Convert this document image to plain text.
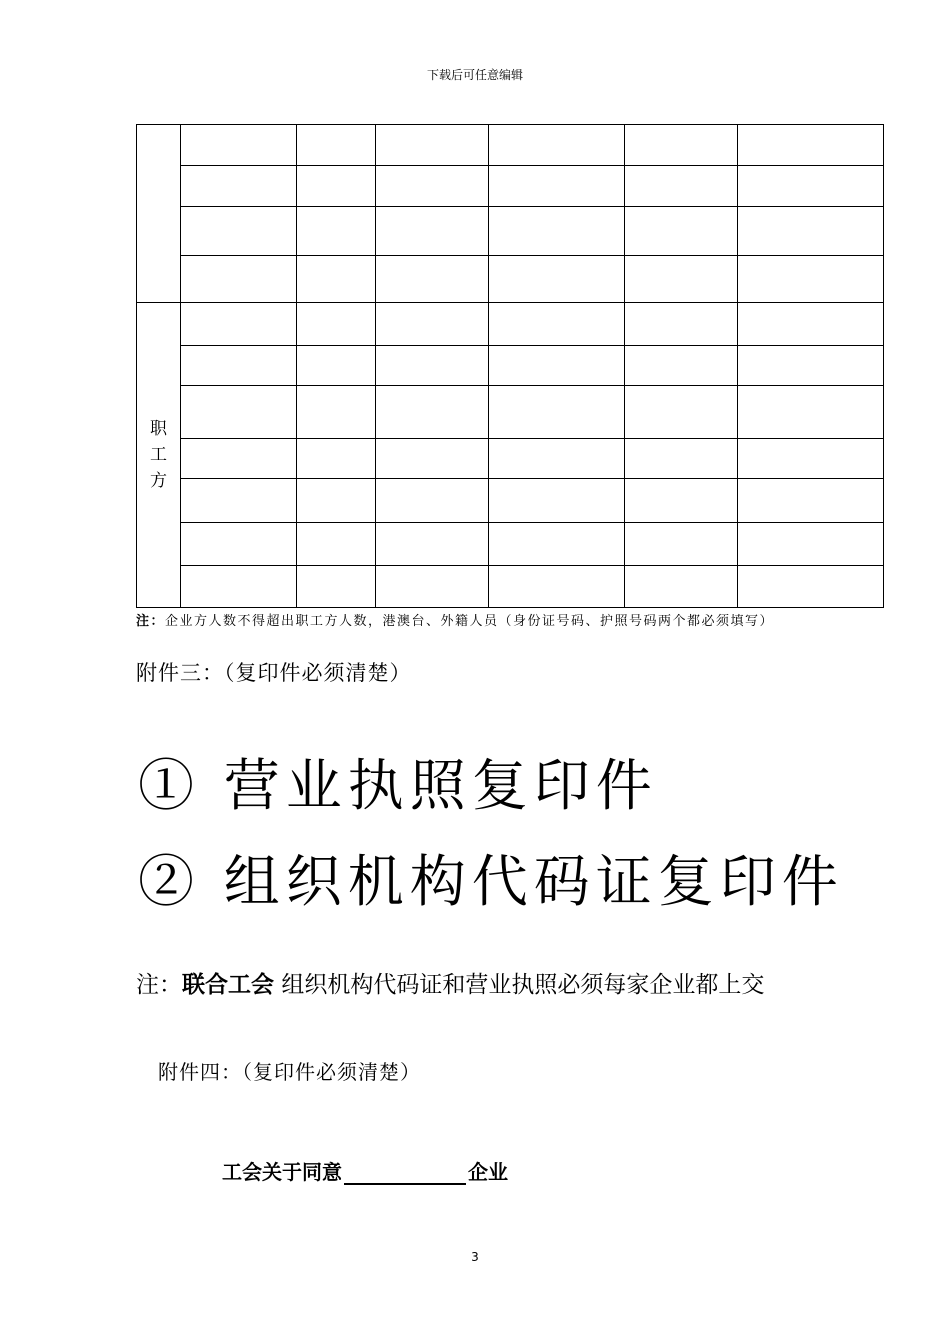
下载后可任意编辑

职
工
方						

注：企业方人数不得超出职工方人数，港澳台、外籍人员（身份证号码、护照号码两个都必须填写）
附件三：（复印件必须清楚）
① 营业执照复印件
② 组织机构代码证复印件
注：联合工会 组织机构代码证和营业执照必须每家企业都上交
附件四：（复印件必须清楚）
工会关于同意	企业
3
